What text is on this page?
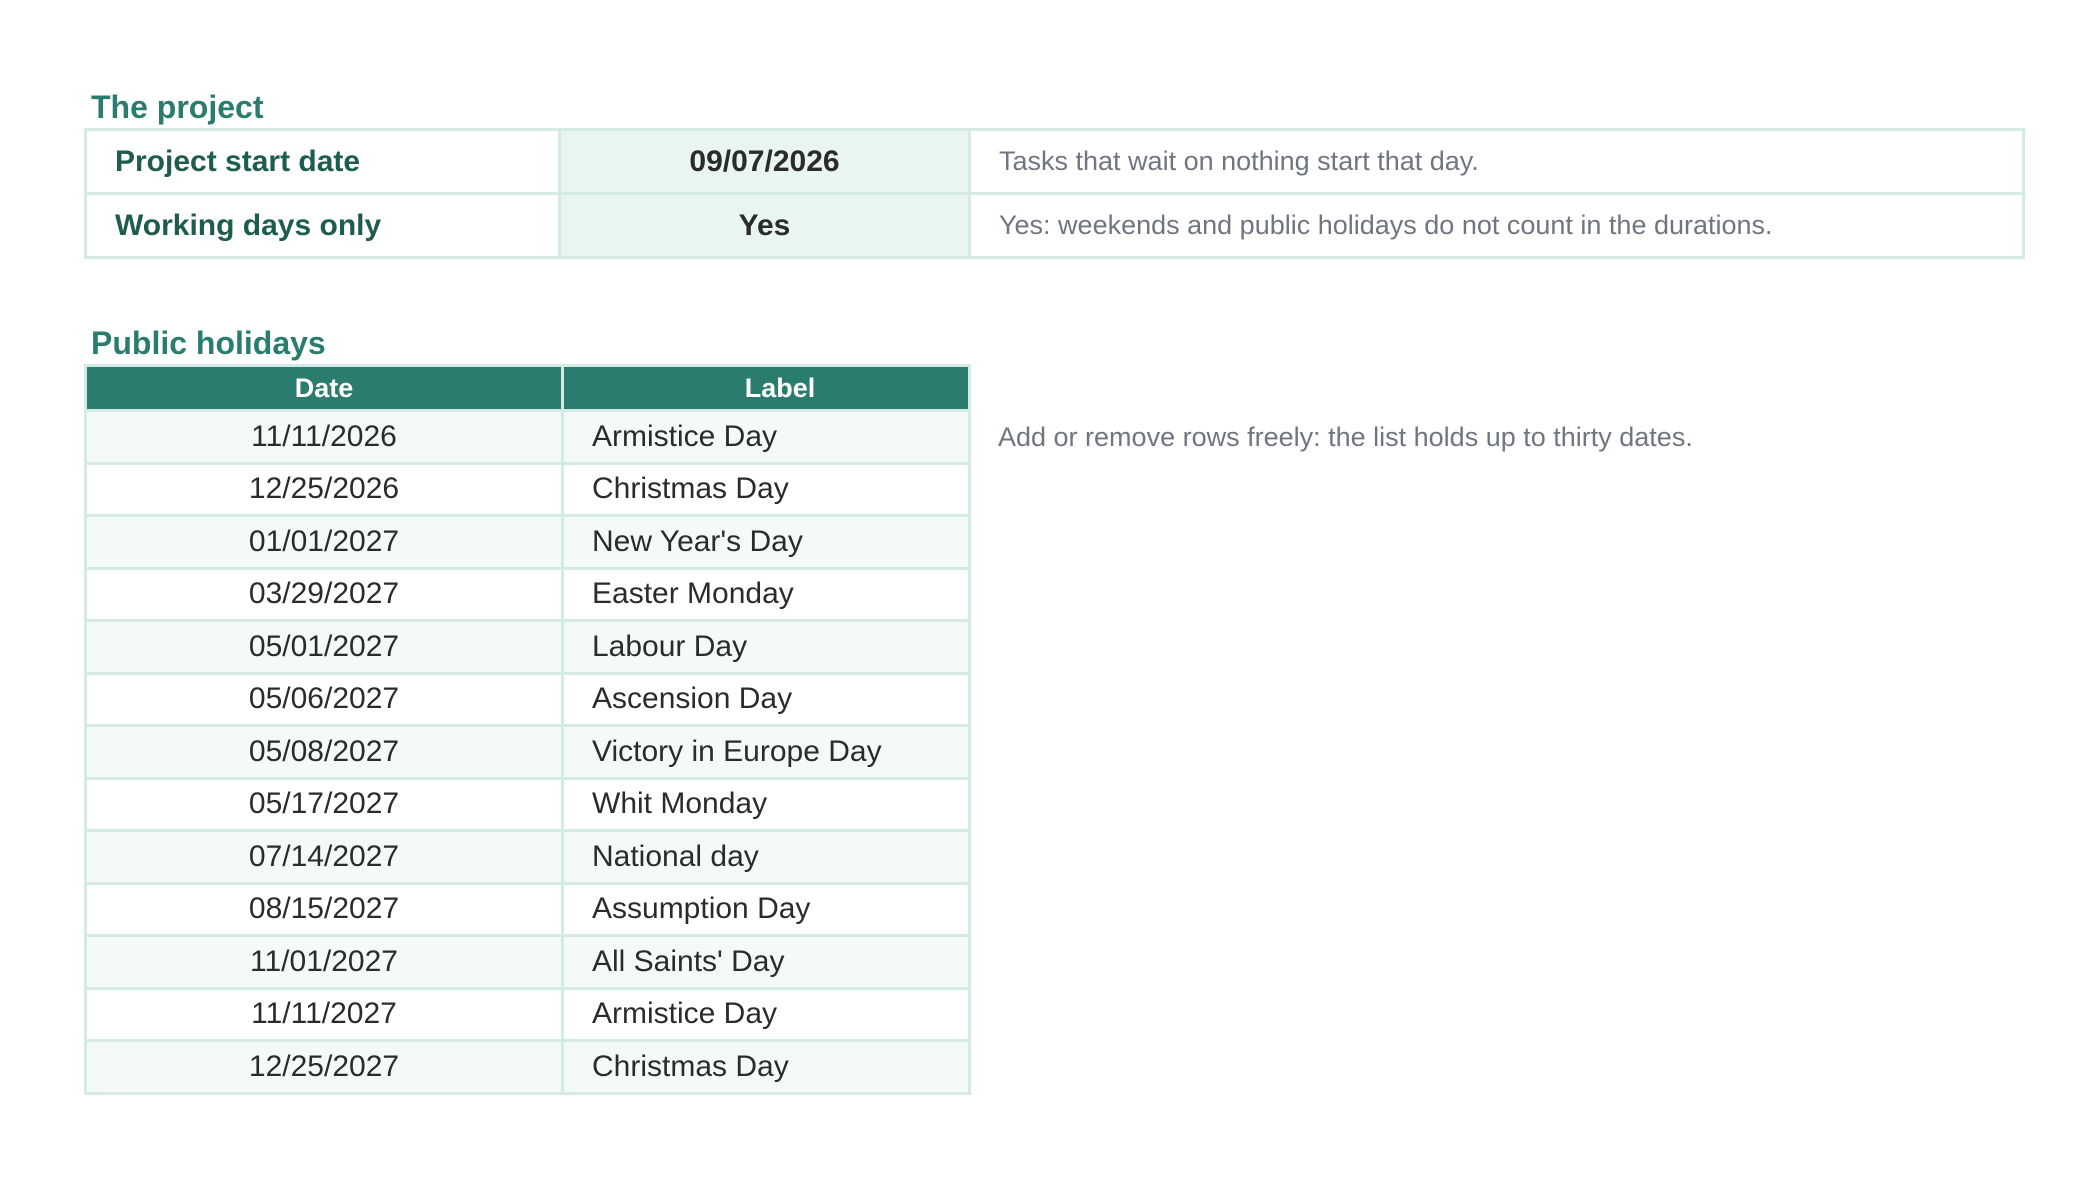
The project
Project start date	09/07/2026	Tasks that wait on nothing start that day.
Working days only	Yes	Yes: weekends and public holidays do not count in the durations.
Public holidays
Date	Label
11/11/2026	Armistice Day
12/25/2026	Christmas Day
01/01/2027	New Year's Day
03/29/2027	Easter Monday
05/01/2027	Labour Day
05/06/2027	Ascension Day
05/08/2027	Victory in Europe Day
05/17/2027	Whit Monday
07/14/2027	National day
08/15/2027	Assumption Day
11/01/2027	All Saints' Day
11/11/2027	Armistice Day
12/25/2027	Christmas Day
Add or remove rows freely: the list holds up to thirty dates.
